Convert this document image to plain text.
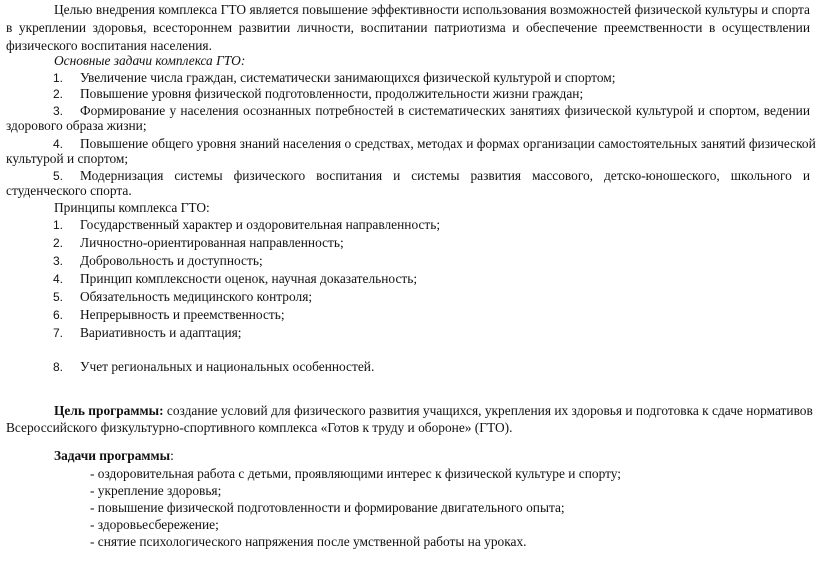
Целью внедрения комплекса ГТО является повышение эффективности использования возможностей физической культуры и спорта
в укреплении здоровья, всестороннем развитии личности, воспитании патриотизма и обеспечение преемственности в осуществлении
физического воспитания населения.
Основные задачи комплекса ГТО:
1. Увеличение числа граждан, систематически занимающихся физической культурой и спортом;
2. Повышение уровня физической подготовленности, продолжительности жизни граждан;
3. Формирование у населения осознанных потребностей в систематических занятиях физической культурой и спортом, ведении
здорового образа жизни;
4. Повышение общего уровня знаний населения о средствах, методах и формах организации самостоятельных занятий физической
культурой и спортом;
5. Модернизация системы физического воспитания и системы развития массового, детско-юношеского, школьного и
студенческого спорта.
Принципы комплекса ГТО:
1. Государственный характер и оздоровительная направленность;
2. Личностно-ориентированная направленность;
3. Добровольность и доступность;
4. Принцип комплексности оценок, научная доказательность;
5. Обязательность медицинского контроля;
6. Непрерывность и преемственность;
7. Вариативность и адаптация;
8. Учет региональных и национальных особенностей.
Цель программы: создание условий для физического развития учащихся, укрепления их здоровья и подготовка к сдаче нормативов
Всероссийского физкультурно-спортивного комплекса «Готов к труду и обороне» (ГТО).
Задачи программы:
- оздоровительная работа с детьми, проявляющими интерес к физической культуре и спорту;
- укрепление здоровья;
- повышение физической подготовленности и формирование двигательного опыта;
- здоровьесбережение;
- снятие психологического напряжения после умственной работы на уроках.
